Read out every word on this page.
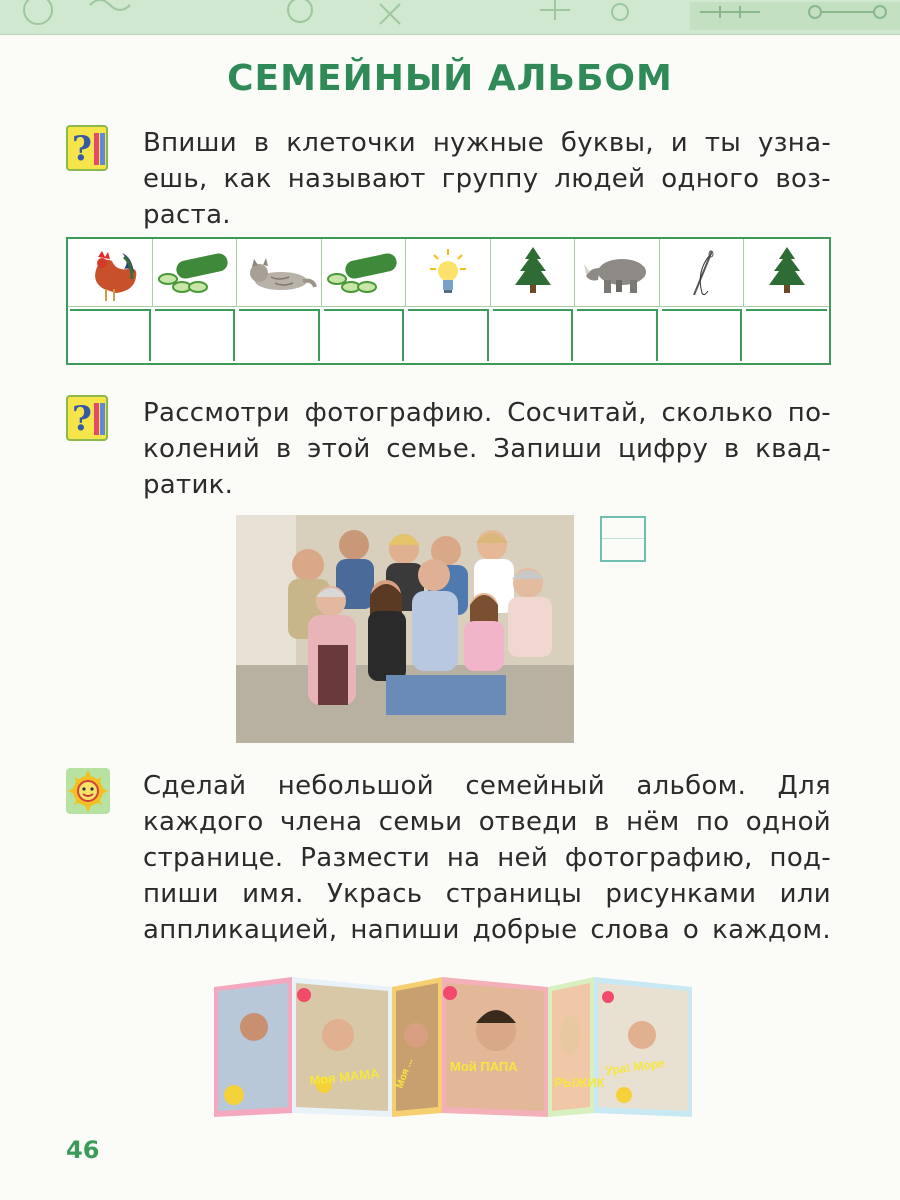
СЕМЕЙНЫЙ АЛЬБОМ
? Впиши в клеточки нужные буквы, и ты узна-
ешь, как называют группу людей одного воз-
раста.
? Рассмотри фотографию. Сосчитай, сколько по-
колений в этой семье. Запиши цифру в квад-
ратик.
Сделай небольшой семейный альбом. Для
каждого члена семьи отведи в нём по одной
странице. Размести на ней фотографию, под-
пиши имя. Укрась страницы рисунками или
аппликацией, напиши добрые слова о каждом.
Моя МАМА Моя ...	Мой ПАПА
РЫЖИК
Ура! Море
46
